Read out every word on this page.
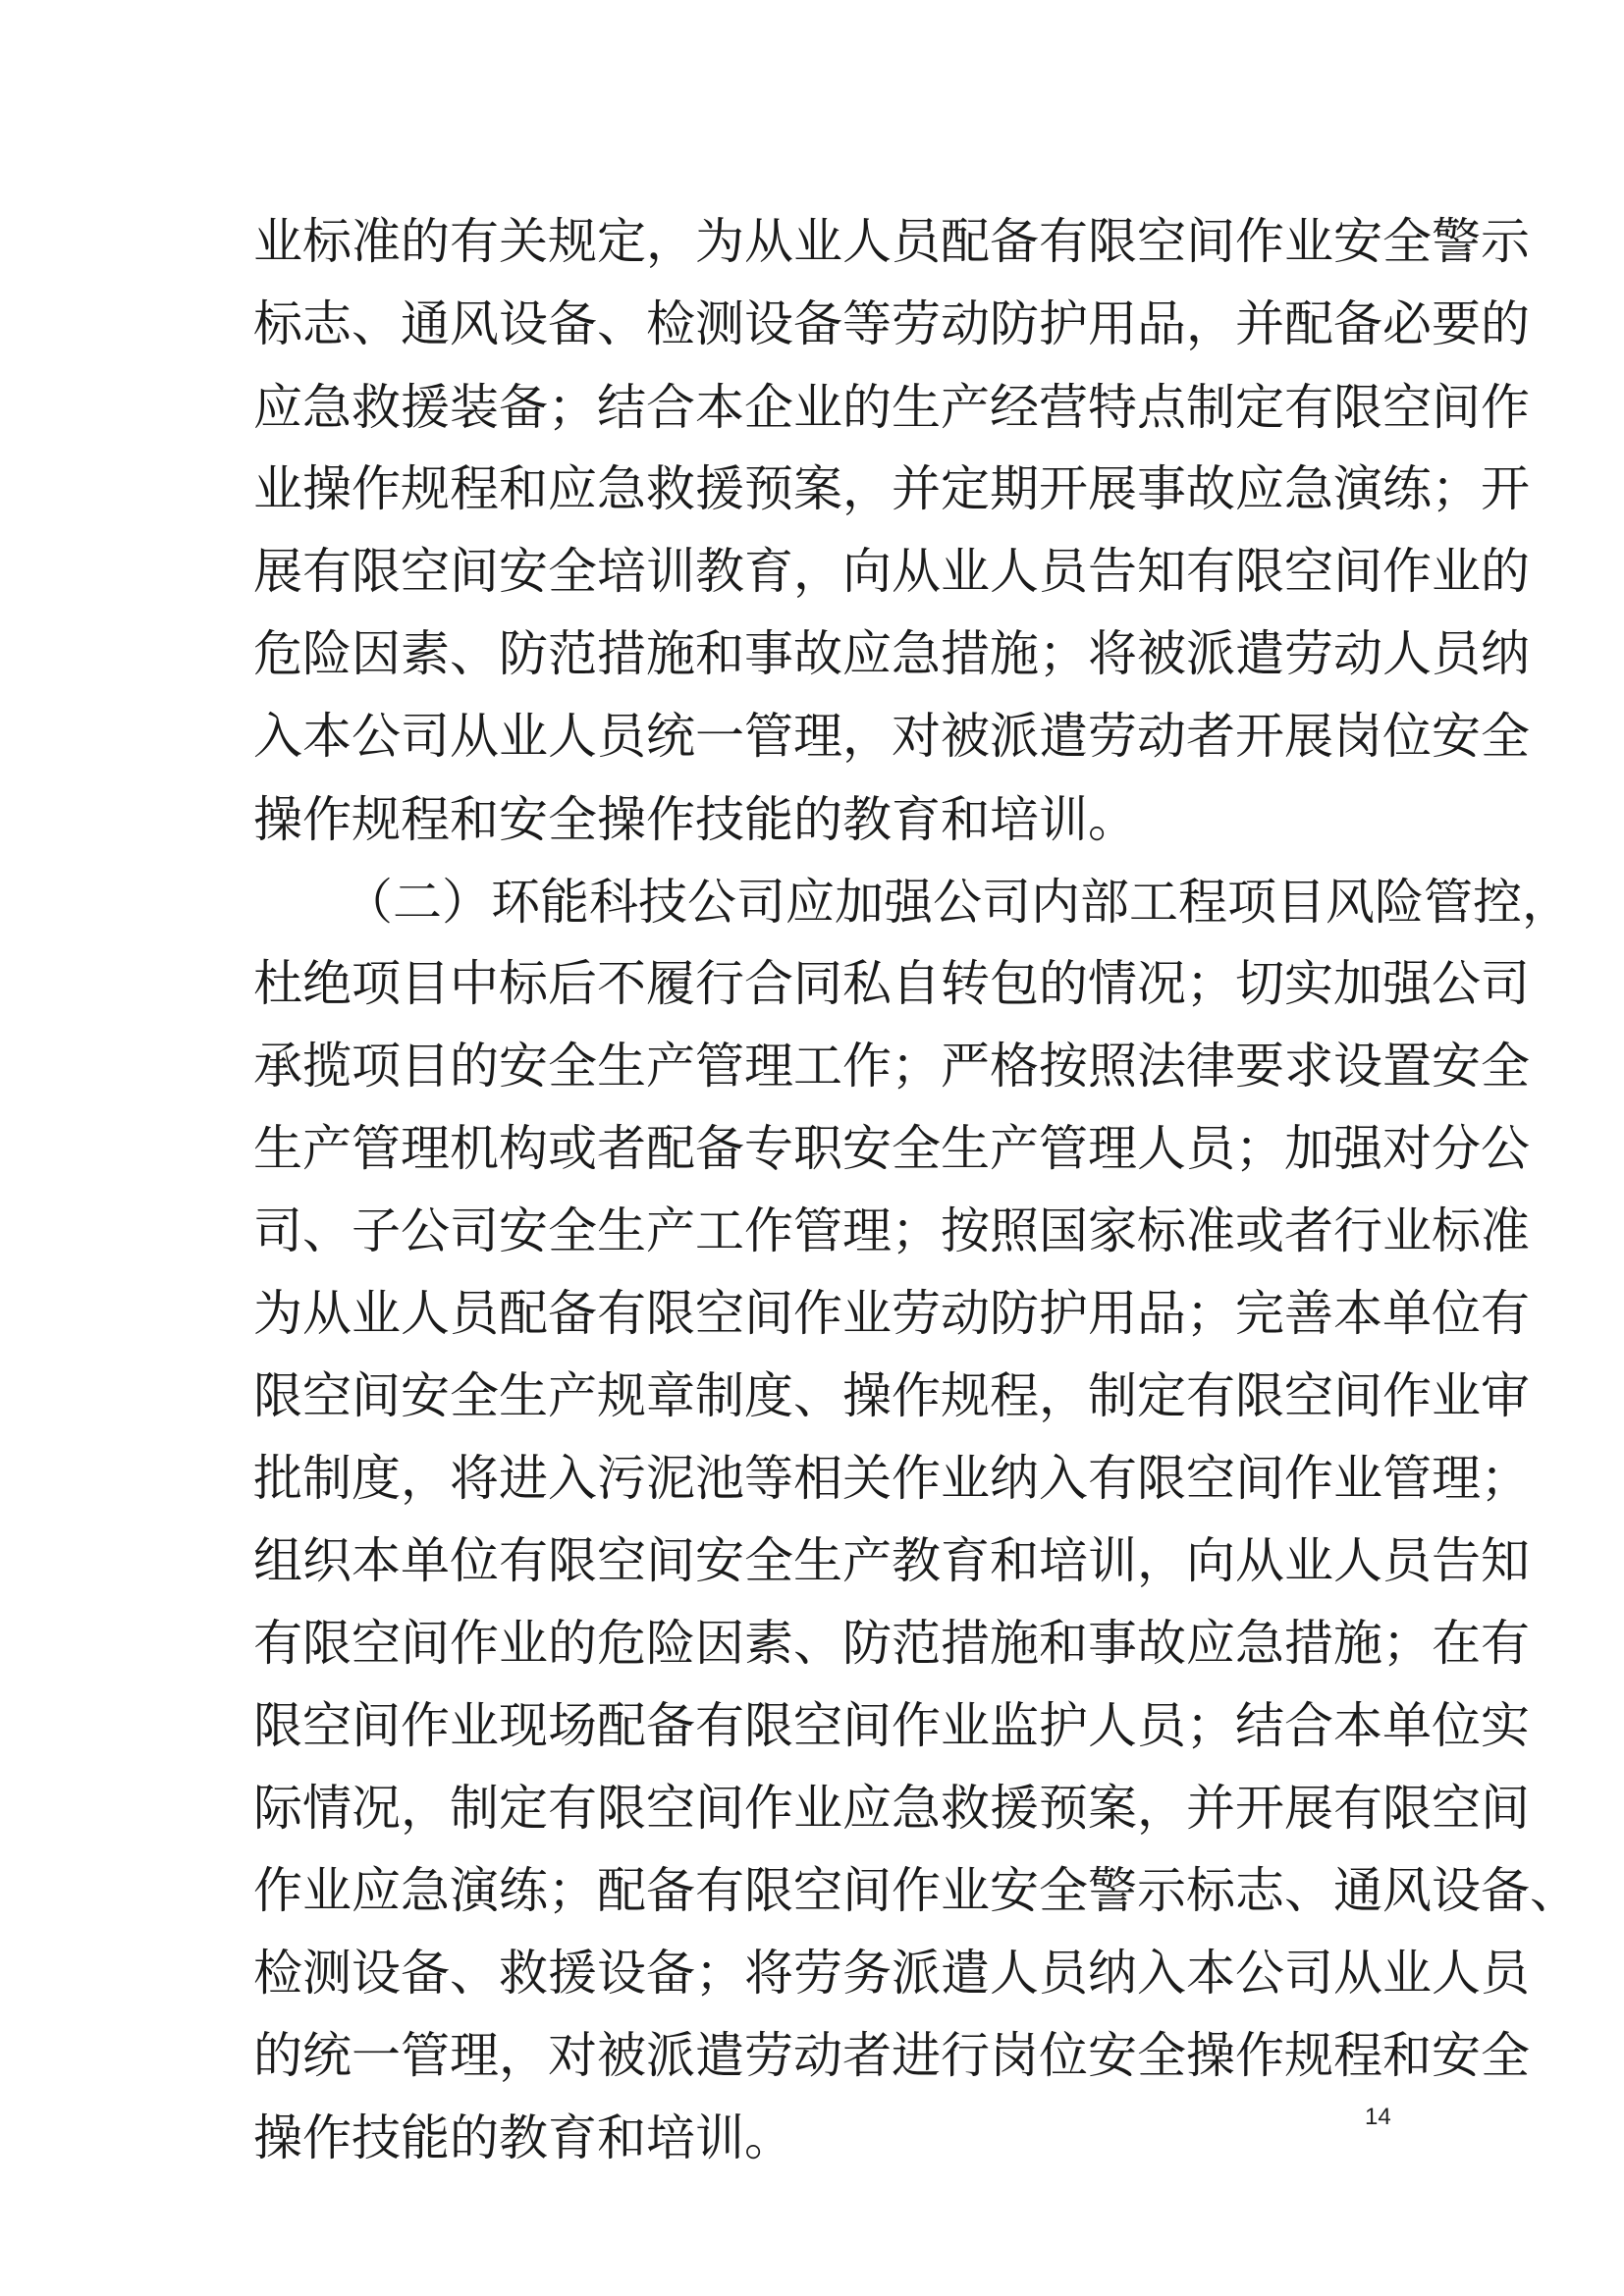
业 标 准 的 有 关 规 定 ， 为 从 业 人 员 配 备 有 限 空 间 作 业 安 全 警 示
标 志 、 通 风 设 备 、 检 测 设 备 等 劳 动 防 护 用 品 ， 并 配 备 必 要 的
应 急 救 援 装 备 ； 结 合 本 企 业 的 生 产 经 营 特 点 制 定 有 限 空 间 作
业 操 作 规 程 和 应 急 救 援 预 案 ， 并 定 期 开 展 事 故 应 急 演 练 ； 开
展 有 限 空 间 安 全 培 训 教 育 ， 向 从 业 人 员 告 知 有 限 空 间 作 业 的
危 险 因 素 、 防 范 措 施 和 事 故 应 急 措 施 ； 将 被 派 遣 劳 动 人 员 纳
入 本 公 司 从 业 人 员 统 一 管 理 ， 对 被 派 遣 劳 动 者 开 展 岗 位 安 全
操作规程和安全操作技能的教育和培训。
（ 二 ） 环 能 科 技 公 司 应 加 强 公 司 内 部 工 程 项 目 风 险 管 控 ，
杜 绝 项 目 中 标 后 不 履 行 合 同 私 自 转 包 的 情 况 ； 切 实 加 强 公 司
承 揽 项 目 的 安 全 生 产 管 理 工 作 ； 严 格 按 照 法 律 要 求 设 置 安 全
生 产 管 理 机 构 或 者 配 备 专 职 安 全 生 产 管 理 人 员 ； 加 强 对 分 公
司 、 子 公 司 安 全 生 产 工 作 管 理 ； 按 照 国 家 标 准 或 者 行 业 标 准
为 从 业 人 员 配 备 有 限 空 间 作 业 劳 动 防 护 用 品 ； 完 善 本 单 位 有
限 空 间 安 全 生 产 规 章 制 度 、 操 作 规 程 ， 制 定 有 限 空 间 作 业 审
批 制 度 ， 将 进 入 污 泥 池 等 相 关 作 业 纳 入 有 限 空 间 作 业 管 理 ；
组 织 本 单 位 有 限 空 间 安 全 生 产 教 育 和 培 训 ， 向 从 业 人 员 告 知
有 限 空 间 作 业 的 危 险 因 素 、 防 范 措 施 和 事 故 应 急 措 施 ； 在 有
限 空 间 作 业 现 场 配 备 有 限 空 间 作 业 监 护 人 员 ； 结 合 本 单 位 实
际 情 况 ， 制 定 有 限 空 间 作 业 应 急 救 援 预 案 ， 并 开 展 有 限 空 间
作 业 应 急 演 练 ； 配 备 有 限 空 间 作 业 安 全 警 示 标 志 、 通 风 设 备 、
检 测 设 备 、 救 援 设 备 ； 将 劳 务 派 遣 人 员 纳 入 本 公 司 从 业 人 员
的 统 一 管 理 ， 对 被 派 遣 劳 动 者 进 行 岗 位 安 全 操 作 规 程 和 安 全
操作技能的教育和培训。	14
